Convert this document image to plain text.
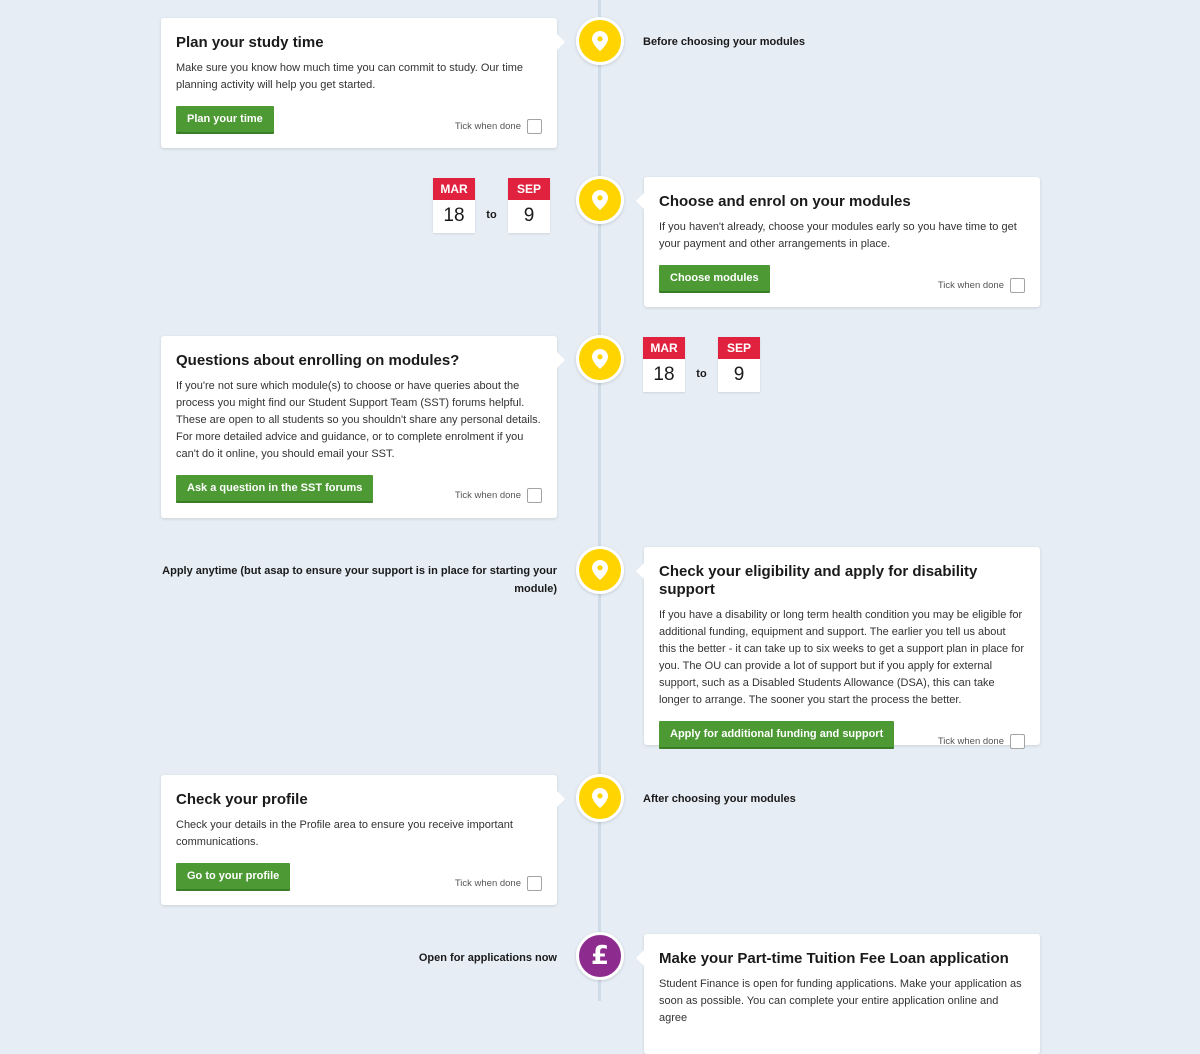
Plan your study time

Make sure you know how much time you can commit to study. Our time planning activity will help you get started.

Plan your time
Tick when done
Before choosing your modules
MAR
18	to
SEP
9
Choose and enrol on your modules

If you haven't already, choose your modules early so you have time to get your payment and other arrangements in place.

Choose modules
Tick when done
Questions about enrolling on modules?

If you're not sure which module(s) to choose or have queries about the process you might find our Student Support Team (SST) forums helpful. These are open to all students so you shouldn't share any personal details. For more detailed advice and guidance, or to complete enrolment if you can't do it online, you should email your SST.

Ask a question in the SST forums
Tick when done
MAR
18	to
SEP
9
Apply anytime (but asap to ensure your support is in place for starting your module)
Check your eligibility and apply for disability support

If you have a disability or long term health condition you may be eligible for additional funding, equipment and support. The earlier you tell us about this the better - it can take up to six weeks to get a support plan in place for you. The OU can provide a lot of support but if you apply for external support, such as a Disabled Students Allowance (DSA), this can take longer to arrange. The sooner you start the process the better.

Apply for additional funding and support
Tick when done
Check your profile

Check your details in the Profile area to ensure you receive important communications.

Go to your profile
Tick when done
After choosing your modules
Open for applications now £	Make your Part-time Tuition Fee Loan application

Student Finance is open for funding applications. Make your application as soon as possible. You can complete your entire application online and agree
